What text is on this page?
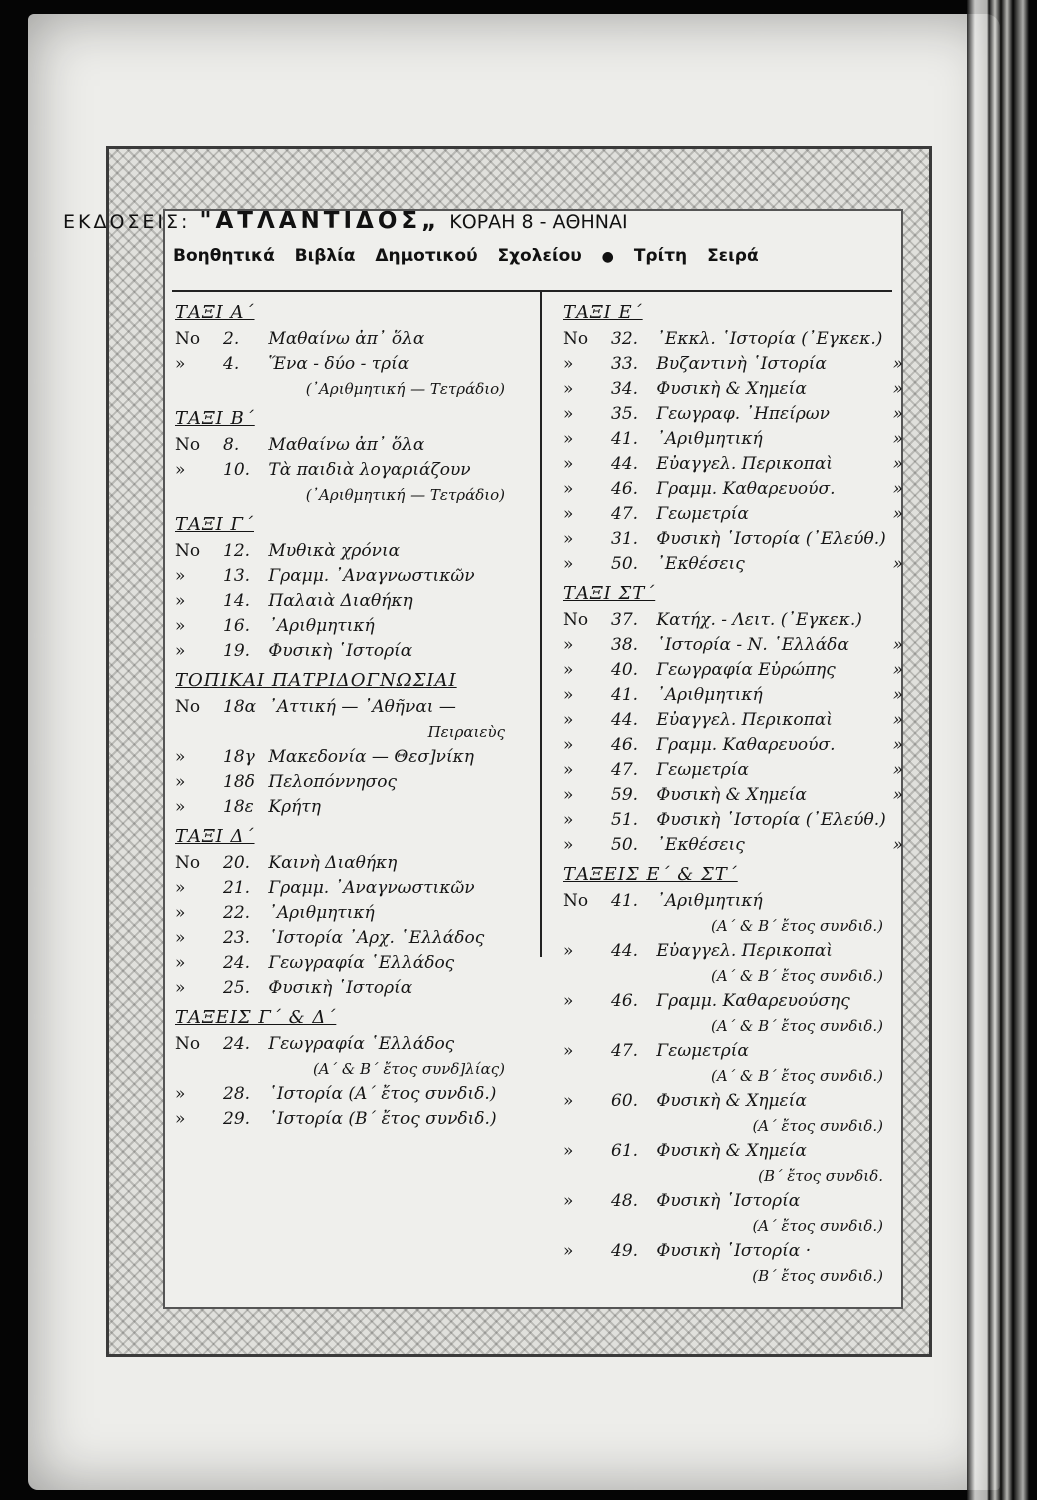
ΕΚΔΟΣΕΙΣ: "ΑΤΛΑΝΤΙΔΟΣ„ ΚΟΡΑΗ 8 - ΑΘΗΝΑΙ
Βοηθητικά Βιβλία Δημοτικού Σχολείου ● Τρίτη Σειρά
ΤΑΞΙ Α΄
Νο 2. Μαθαίνω ἀπ᾽ ὅλα
» 4. Ἕνα - δύο - τρία
(᾽Αριθμητική — Τετράδιο)
ΤΑΞΙ Β΄
Νο 8. Μαθαίνω ἀπ᾽ ὅλα
» 10. Τὰ παιδιὰ λογαριάζουν
(᾽Αριθμητική — Τετράδιο)
ΤΑΞΙ Γ΄
Νο 12. Μυθικὰ χρόνια
» 13. Γραμμ. ᾽Αναγνωστικῶν
» 14. Παλαιὰ Διαθήκη
» 16. ᾽Αριθμητική
» 19. Φυσικὴ ῾Ιστορία
ΤΟΠΙΚΑΙ ΠΑΤΡΙΔΟΓΝΩΣΙΑΙ
Νο 18α ᾽Αττική — ᾽Αθῆναι —
Πειραιεὺς
» 18γ Μακεδονία — Θεσ]νίκη
» 18δ Πελοπόννησος
» 18ε Κρήτη
ΤΑΞΙ Δ΄
Νο 20. Καινὴ Διαθήκη
» 21. Γραμμ. ᾽Αναγνωστικῶν
» 22. ᾽Αριθμητική
» 23. ῾Ιστορία ᾽Αρχ. ῾Ελλάδος
» 24. Γεωγραφία ῾Ελλάδος
» 25. Φυσικὴ ῾Ιστορία
ΤΑΞΕΙΣ Γ΄ & Δ΄
Νο 24. Γεωγραφία ῾Ελλάδος
(Α΄ & Β΄ ἔτος συνδ]λίας)
» 28. ῾Ιστορία (Α΄ ἔτος συνδιδ.)
» 29. ῾Ιστορία (Β΄ ἔτος συνδιδ.)
ΤΑΞΙ Ε΄
Νο 32. ᾽Εκκλ. ῾Ιστορία (᾽Εγκεκ.)
» 33. Βυζαντινὴ ῾Ιστορία	»
» 34. Φυσικὴ & Χημεία	»
» 35. Γεωγραφ. ᾽Ηπείρων	»
» 41. ᾽Αριθμητική	»
» 44. Εὐαγγελ. Περικοπαὶ	»
» 46. Γραμμ. Καθαρευούσ.	»
» 47. Γεωμετρία	»
» 31. Φυσικὴ ῾Ιστορία (᾽Ελεύθ.)
» 50. ᾽Εκθέσεις	»
ΤΑΞΙ ΣΤ΄
Νο 37. Κατήχ. - Λειτ. (᾽Εγκεκ.)
» 38. ῾Ιστορία - Ν. ῾Ελλάδα	»
» 40. Γεωγραφία Εὐρώπης	»
» 41. ᾽Αριθμητική	»
» 44. Εὐαγγελ. Περικοπαὶ	»
» 46. Γραμμ. Καθαρευούσ.	»
» 47. Γεωμετρία	»
» 59. Φυσικὴ & Χημεία	»
» 51. Φυσικὴ ῾Ιστορία (᾽Ελεύθ.)
» 50. ᾽Εκθέσεις	»
ΤΑΞΕΙΣ Ε΄ & ΣΤ΄
Νο 41. ᾽Αριθμητική
(Α΄ & Β΄ ἔτος συνδιδ.)
» 44. Εὐαγγελ. Περικοπαὶ
(Α΄ & Β΄ ἔτος συνδιδ.)
» 46. Γραμμ. Καθαρευούσης
(Α΄ & Β΄ ἔτος συνδιδ.)
» 47. Γεωμετρία
(Α΄ & Β΄ ἔτος συνδιδ.)
» 60. Φυσικὴ & Χημεία
(Α΄ ἔτος συνδιδ.)
» 61. Φυσικὴ & Χημεία
(Β΄ ἔτος συνδιδ.
» 48. Φυσικὴ ῾Ιστορία
(Α΄ ἔτος συνδιδ.)
» 49. Φυσικὴ ῾Ιστορία ·
(Β΄ ἔτος συνδιδ.)
